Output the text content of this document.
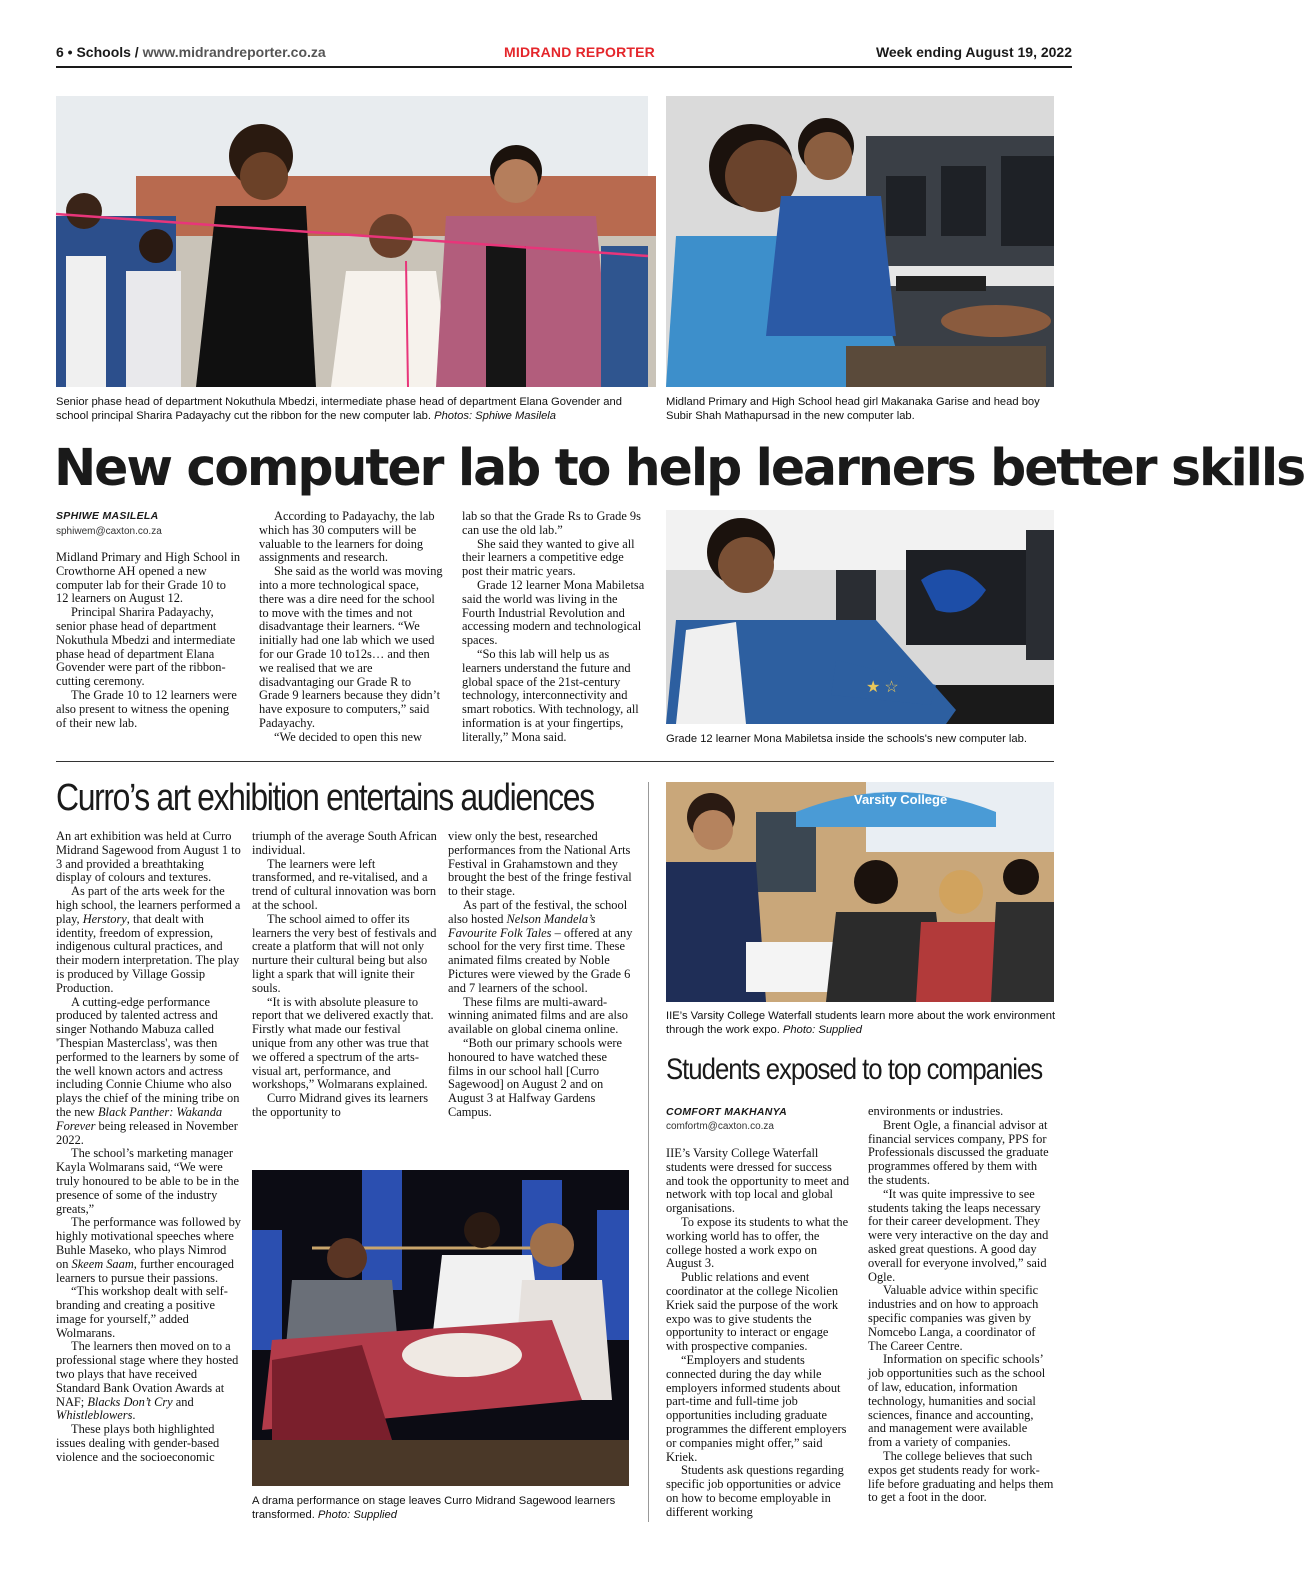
6 • Schools / www.midrandreporter.co.za	MIDRAND REPORTER	Week ending August 19, 2022
Senior phase head of department Nokuthula Mbedzi, intermediate phase head of department Elana Govender and school principal Sharira Padayachy cut the ribbon for the new computer lab. Photos: Sphiwe Masilela
Midland Primary and High School head girl Makanaka Garise and head boy Subir Shah Mathapursad in the new computer lab.
New computer lab to help learners better skills
SPHIWE MASILELA
sphiwem@caxton.co.za

Midland Primary and High School in Crowthorne AH opened a new computer lab for their Grade 10 to 12 learners on August 12.

Principal Sharira Padayachy, senior phase head of department Nokuthula Mbedzi and intermediate phase head of department Elana Govender were part of the ribbon-cutting ceremony.

The Grade 10 to 12 learners were also present to witness the opening of their new lab.

According to Padayachy, the lab which has 30 computers will be valuable to the learners for doing assignments and research.

She said as the world was moving into a more technological space, there was a dire need for the school to move with the times and not disadvantage their learners. “We initially had one lab which we used for our Grade 10 to12s… and then we realised that we are disadvantaging our Grade R to Grade 9 learners because they didn’t have exposure to computers,” said Padayachy.

“We decided to open this new

lab so that the Grade Rs to Grade 9s can use the old lab.”

She said they wanted to give all their learners a competitive edge post their matric years.

Grade 12 learner Mona Mabiletsa said the world was living in the Fourth Industrial Revolution and accessing modern and technological spaces.

“So this lab will help us as learners understand the future and global space of the 21st-century technology, interconnectivity and smart robotics. With technology, all information is at your fingertips, literally,” Mona said.

★ ☆
Grade 12 learner Mona Mabiletsa inside the schools's new computer lab.
Curro’s art exhibition entertains audiences

An art exhibition was held at Curro Midrand Sagewood from August 1 to 3 and provided a breathtaking display of colours and textures.

As part of the arts week for the high school, the learners performed a play, Herstory, that dealt with identity, freedom of expression, indigenous cultural practices, and their modern interpretation. The play is produced by Village Gossip Production.

A cutting-edge performance produced by talented actress and singer Nothando Mabuza called 'Thespian Masterclass', was then performed to the learners by some of the well known actors and actress including Connie Chiume who also plays the chief of the mining tribe on the new Black Panther: Wakanda Forever being released in November 2022.

The school’s marketing manager Kayla Wolmarans said, “We were truly honoured to be able to be in the presence of some of the industry greats,”

The performance was followed by highly motivational speeches where Buhle Maseko, who plays Nimrod on Skeem Saam, further encouraged learners to pursue their passions.

“This workshop dealt with self-branding and creating a positive image for yourself,” added Wolmarans.

The learners then moved on to a professional stage where they hosted two plays that have received Standard Bank Ovation Awards at NAF; Blacks Don’t Cry and Whistleblowers.

These plays both highlighted issues dealing with gender-based violence and the socioeconomic

triumph of the average South African individual.

The learners were left transformed, and re-vitalised, and a trend of cultural innovation was born at the school.

The school aimed to offer its learners the very best of festivals and create a platform that will not only nurture their cultural being but also light a spark that will ignite their souls.

“It is with absolute pleasure to report that we delivered exactly that. Firstly what made our festival unique from any other was true that we offered a spectrum of the arts- visual art, performance, and workshops,” Wolmarans explained.

Curro Midrand gives its learners the opportunity to

view only the best, researched performances from the National Arts Festival in Grahamstown and they brought the best of the fringe festival to their stage.

As part of the festival, the school also hosted Nelson Mandela’s Favourite Folk Tales – offered at any school for the very first time. These animated films created by Noble Pictures were viewed by the Grade 6 and 7 learners of the school.

These films are multi-award-winning animated films and are also available on global cinema online.

“Both our primary schools were honoured to have watched these films in our school hall [Curro Sagewood] on August 2 and on August 3 at Halfway Gardens Campus.

A drama performance on stage leaves Curro Midrand Sagewood learners transformed. Photo: Supplied
Varsity College
IIE’s Varsity College Waterfall students learn more about the work environment through the work expo. Photo: Supplied
Students exposed to top companies
COMFORT MAKHANYA
comfortm@caxton.co.za

IIE’s Varsity College Waterfall students were dressed for success and took the opportunity to meet and network with top local and global organisations.

To expose its students to what the working world has to offer, the college hosted a work expo on August 3.

Public relations and event coordinator at the college Nicolien Kriek said the purpose of the work expo was to give students the opportunity to interact or engage with prospective companies.

“Employers and students connected during the day while employers informed students about part-time and full-time job opportunities including graduate programmes the different employers or companies might offer,” said Kriek.

Students ask questions regarding specific job opportunities or advice on how to become employable in different working

environments or industries.

Brent Ogle, a financial advisor at financial services company, PPS for Professionals discussed the graduate programmes offered by them with the students.

“It was quite impressive to see students taking the leaps necessary for their career development. They were very interactive on the day and asked great questions. A good day overall for everyone involved,” said Ogle.

Valuable advice within specific industries and on how to approach specific companies was given by Nomcebo Langa, a coordinator of The Career Centre.

Information on specific schools’ job opportunities such as the school of law, education, information technology, humanities and social sciences, finance and accounting, and management were available from a variety of companies.

The college believes that such expos get students ready for work-life before graduating and helps them to get a foot in the door.
